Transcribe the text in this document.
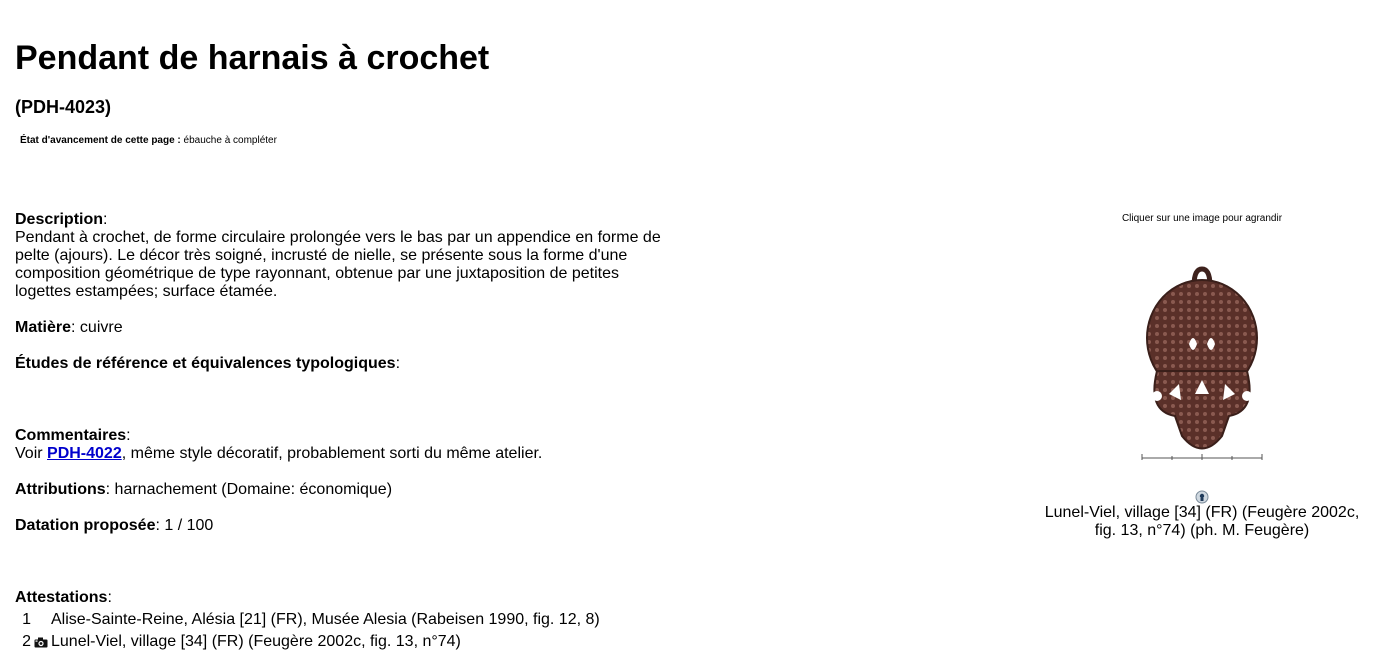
Pendant de harnais à crochet
(PDH-4023)
État d'avancement de cette page : ébauche à compléter
Description:
Pendant à crochet, de forme circulaire prolongée vers le bas par un appendice en forme de pelte (ajours). Le décor très soigné, incrusté de nielle, se présente sous la forme d'une composition géométrique de type rayonnant, obtenue par une juxtaposition de petites logettes estampées; surface étamée.
Matière: cuivre
Études de référence et équivalences typologiques:
Commentaires:
Voir PDH-4022, même style décoratif, probablement sorti du même atelier.
Attributions: harnachement (Domaine: économique)
Datation proposée: 1 / 100
Attestations:
1 Alise-Sainte-Reine, Alésia [21] (FR), Musée Alesia (Rabeisen 1990, fig. 12, 8)
2 Lunel-Viel, village [34] (FR) (Feugère 2002c, fig. 13, n°74)
Cliquer sur une image pour agrandir
Lunel-Viel, village [34] (FR) (Feugère 2002c, fig. 13, n°74) (ph. M. Feugère)
